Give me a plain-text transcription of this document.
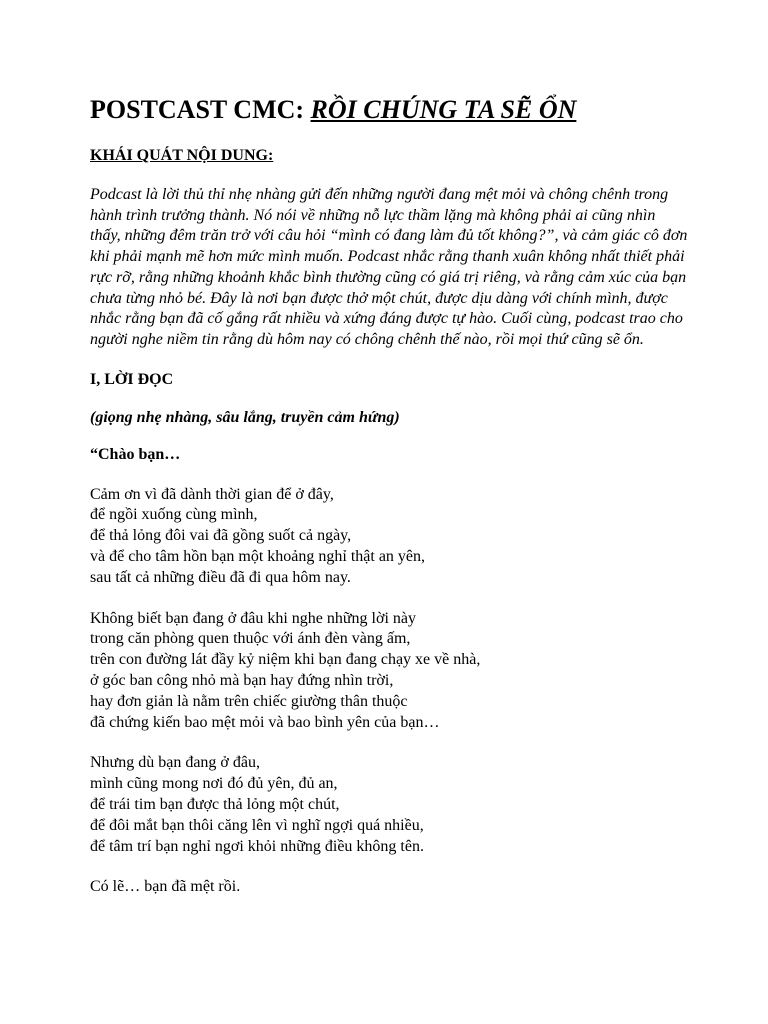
POSTCAST CMC: RỒI CHÚNG TA SẼ ỔN
KHÁI QUÁT NỘI DUNG:
Podcast là lời thủ thỉ nhẹ nhàng gửi đến những người đang mệt mỏi và chông chênh trong hành trình trưởng thành. Nó nói về những nỗ lực thầm lặng mà không phải ai cũng nhìn thấy, những đêm trăn trở với câu hỏi “mình có đang làm đủ tốt không?”, và cảm giác cô đơn khi phải mạnh mẽ hơn mức mình muốn. Podcast nhắc rằng thanh xuân không nhất thiết phải rực rỡ, rằng những khoảnh khắc bình thường cũng có giá trị riêng, và rằng cảm xúc của bạn chưa từng nhỏ bé. Đây là nơi bạn được thở một chút, được dịu dàng với chính mình, được nhắc rằng bạn đã cố gắng rất nhiều và xứng đáng được tự hào. Cuối cùng, podcast trao cho người nghe niềm tin rằng dù hôm nay có chông chênh thế nào, rồi mọi thứ cũng sẽ ổn.
I, LỜI ĐỌC
(giọng nhẹ nhàng, sâu lắng, truyền cảm hứng)
“Chào bạn…
Cảm ơn vì đã dành thời gian để ở đây,
để ngồi xuống cùng mình,
để thả lỏng đôi vai đã gồng suốt cả ngày,
và để cho tâm hồn bạn một khoảng nghỉ thật an yên,
sau tất cả những điều đã đi qua hôm nay.
Không biết bạn đang ở đâu khi nghe những lời này
trong căn phòng quen thuộc với ánh đèn vàng ấm,
trên con đường lát đầy kỷ niệm khi bạn đang chạy xe về nhà,
ở góc ban công nhỏ mà bạn hay đứng nhìn trời,
hay đơn giản là nằm trên chiếc giường thân thuộc
đã chứng kiến bao mệt mỏi và bao bình yên của bạn…
Nhưng dù bạn đang ở đâu,
mình cũng mong nơi đó đủ yên, đủ an,
để trái tim bạn được thả lỏng một chút,
để đôi mắt bạn thôi căng lên vì nghĩ ngợi quá nhiều,
để tâm trí bạn nghỉ ngơi khỏi những điều không tên.
Có lẽ… bạn đã mệt rồi.
